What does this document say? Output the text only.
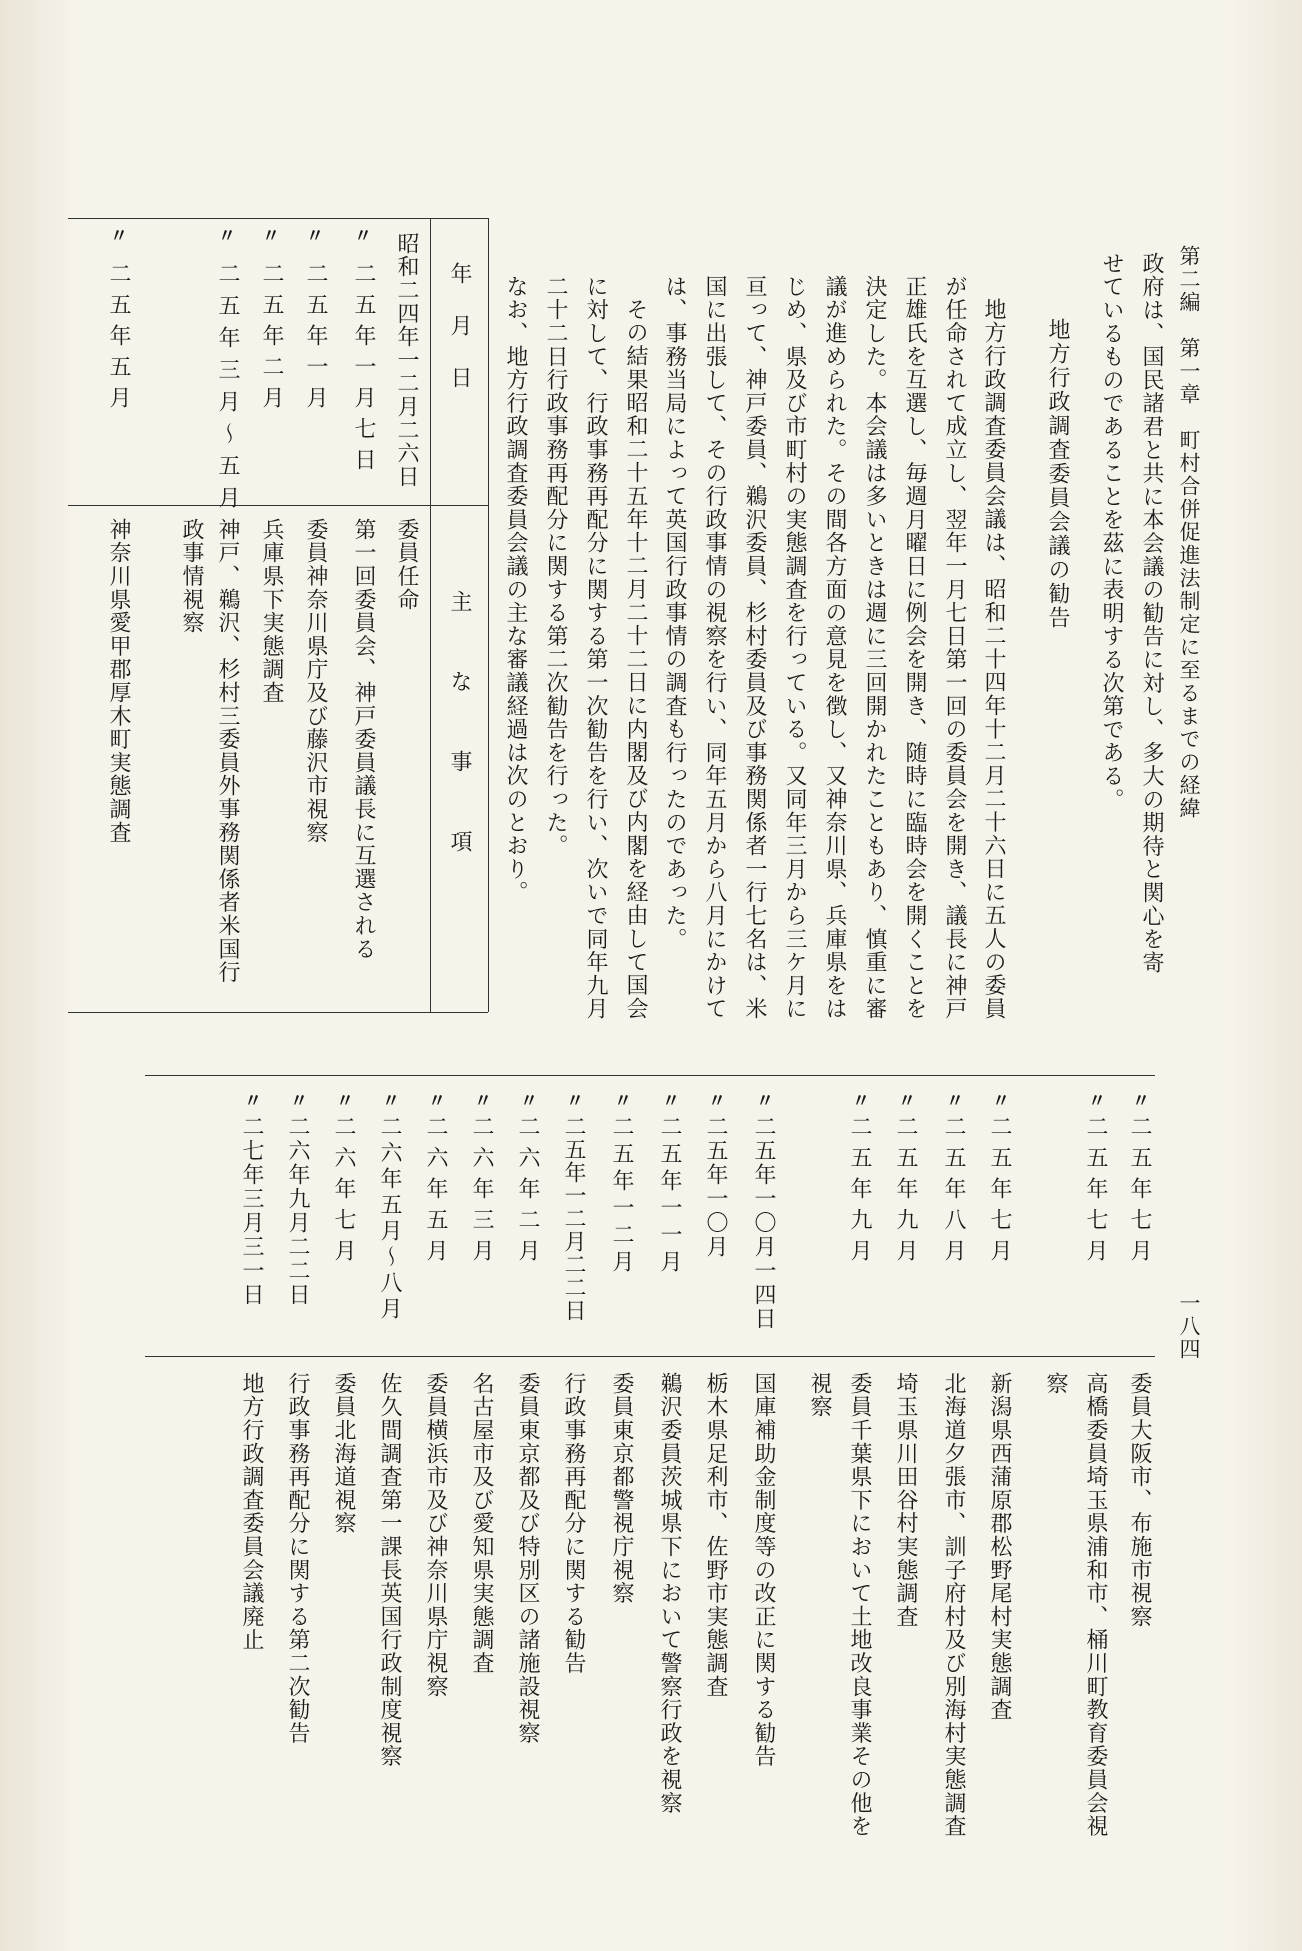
第二編　第一章　町村合併促進法制定に至るまでの経緯
一八四
政府は、国民諸君と共に本会議の勧告に対し、多大の期待と関心を寄
せているものであることを茲に表明する次第である。
地方行政調査委員会議の勧告
地方行政調査委員会議は、昭和二十四年十二月二十六日に五人の委員
が任命されて成立し、翌年一月七日第一回の委員会を開き、議長に神戸
正雄氏を互選し、毎週月曜日に例会を開き、随時に臨時会を開くことを
決定した。本会議は多いときは週に三回開かれたこともあり、慎重に審
議が進められた。その間各方面の意見を徴し、又神奈川県、兵庫県をは
じめ、県及び市町村の実態調査を行っている。又同年三月から三ケ月に
亘って、神戸委員、鵜沢委員、杉村委員及び事務関係者一行七名は、米
国に出張して、その行政事情の視察を行い、同年五月から八月にかけて
は、事務当局によって英国行政事情の調査も行ったのであった。
その結果昭和二十五年十二月二十二日に内閣及び内閣を経由して国会
に対して、行政事務再配分に関する第一次勧告を行い、次いで同年九月
二十二日行政事務再配分に関する第二次勧告を行った。
なお、地方行政調査委員会議の主な審議経過は次のとおり。
年月日
主な事項
昭和二四年一二月二六日
委員任命
〃
二五年一月七日
第一回委員会、神戸委員議長に互選される
〃
二五年一月
委員神奈川県庁及び藤沢市視察
〃
二五年二月
兵庫県下実態調査
〃
二五年三月〜五月
神戸、鵜沢、杉村三委員外事務関係者米国行
政事情視察
〃
二五年五月
神奈川県愛甲郡厚木町実態調査
〃
二五年七月
委員大阪市、布施市視察
〃
二五年七月
高橋委員埼玉県浦和市、桶川町教育委員会視
察
〃
二五年七月
新潟県西蒲原郡松野尾村実態調査
〃
二五年八月
北海道夕張市、訓子府村及び別海村実態調査
〃
二五年九月
埼玉県川田谷村実態調査
〃
二五年九月
委員千葉県下において土地改良事業その他を
視察
〃
二五年一〇月一四日
国庫補助金制度等の改正に関する勧告
〃
二五年一〇月
栃木県足利市、佐野市実態調査
〃
二五年一一月
鵜沢委員茨城県下において警察行政を視察
〃
二五年一二月
委員東京都警視庁視察
〃
二五年一二月二二日
行政事務再配分に関する勧告
〃
二六年二月
委員東京都及び特別区の諸施設視察
〃
二六年三月
名古屋市及び愛知県実態調査
〃
二六年五月
委員横浜市及び神奈川県庁視察
〃
二六年五月〜八月
佐久間調査第一課長英国行政制度視察
〃
二六年七月
委員北海道視察
〃
二六年九月二二日
行政事務再配分に関する第二次勧告
〃
二七年三月三一日
地方行政調査委員会議廃止
